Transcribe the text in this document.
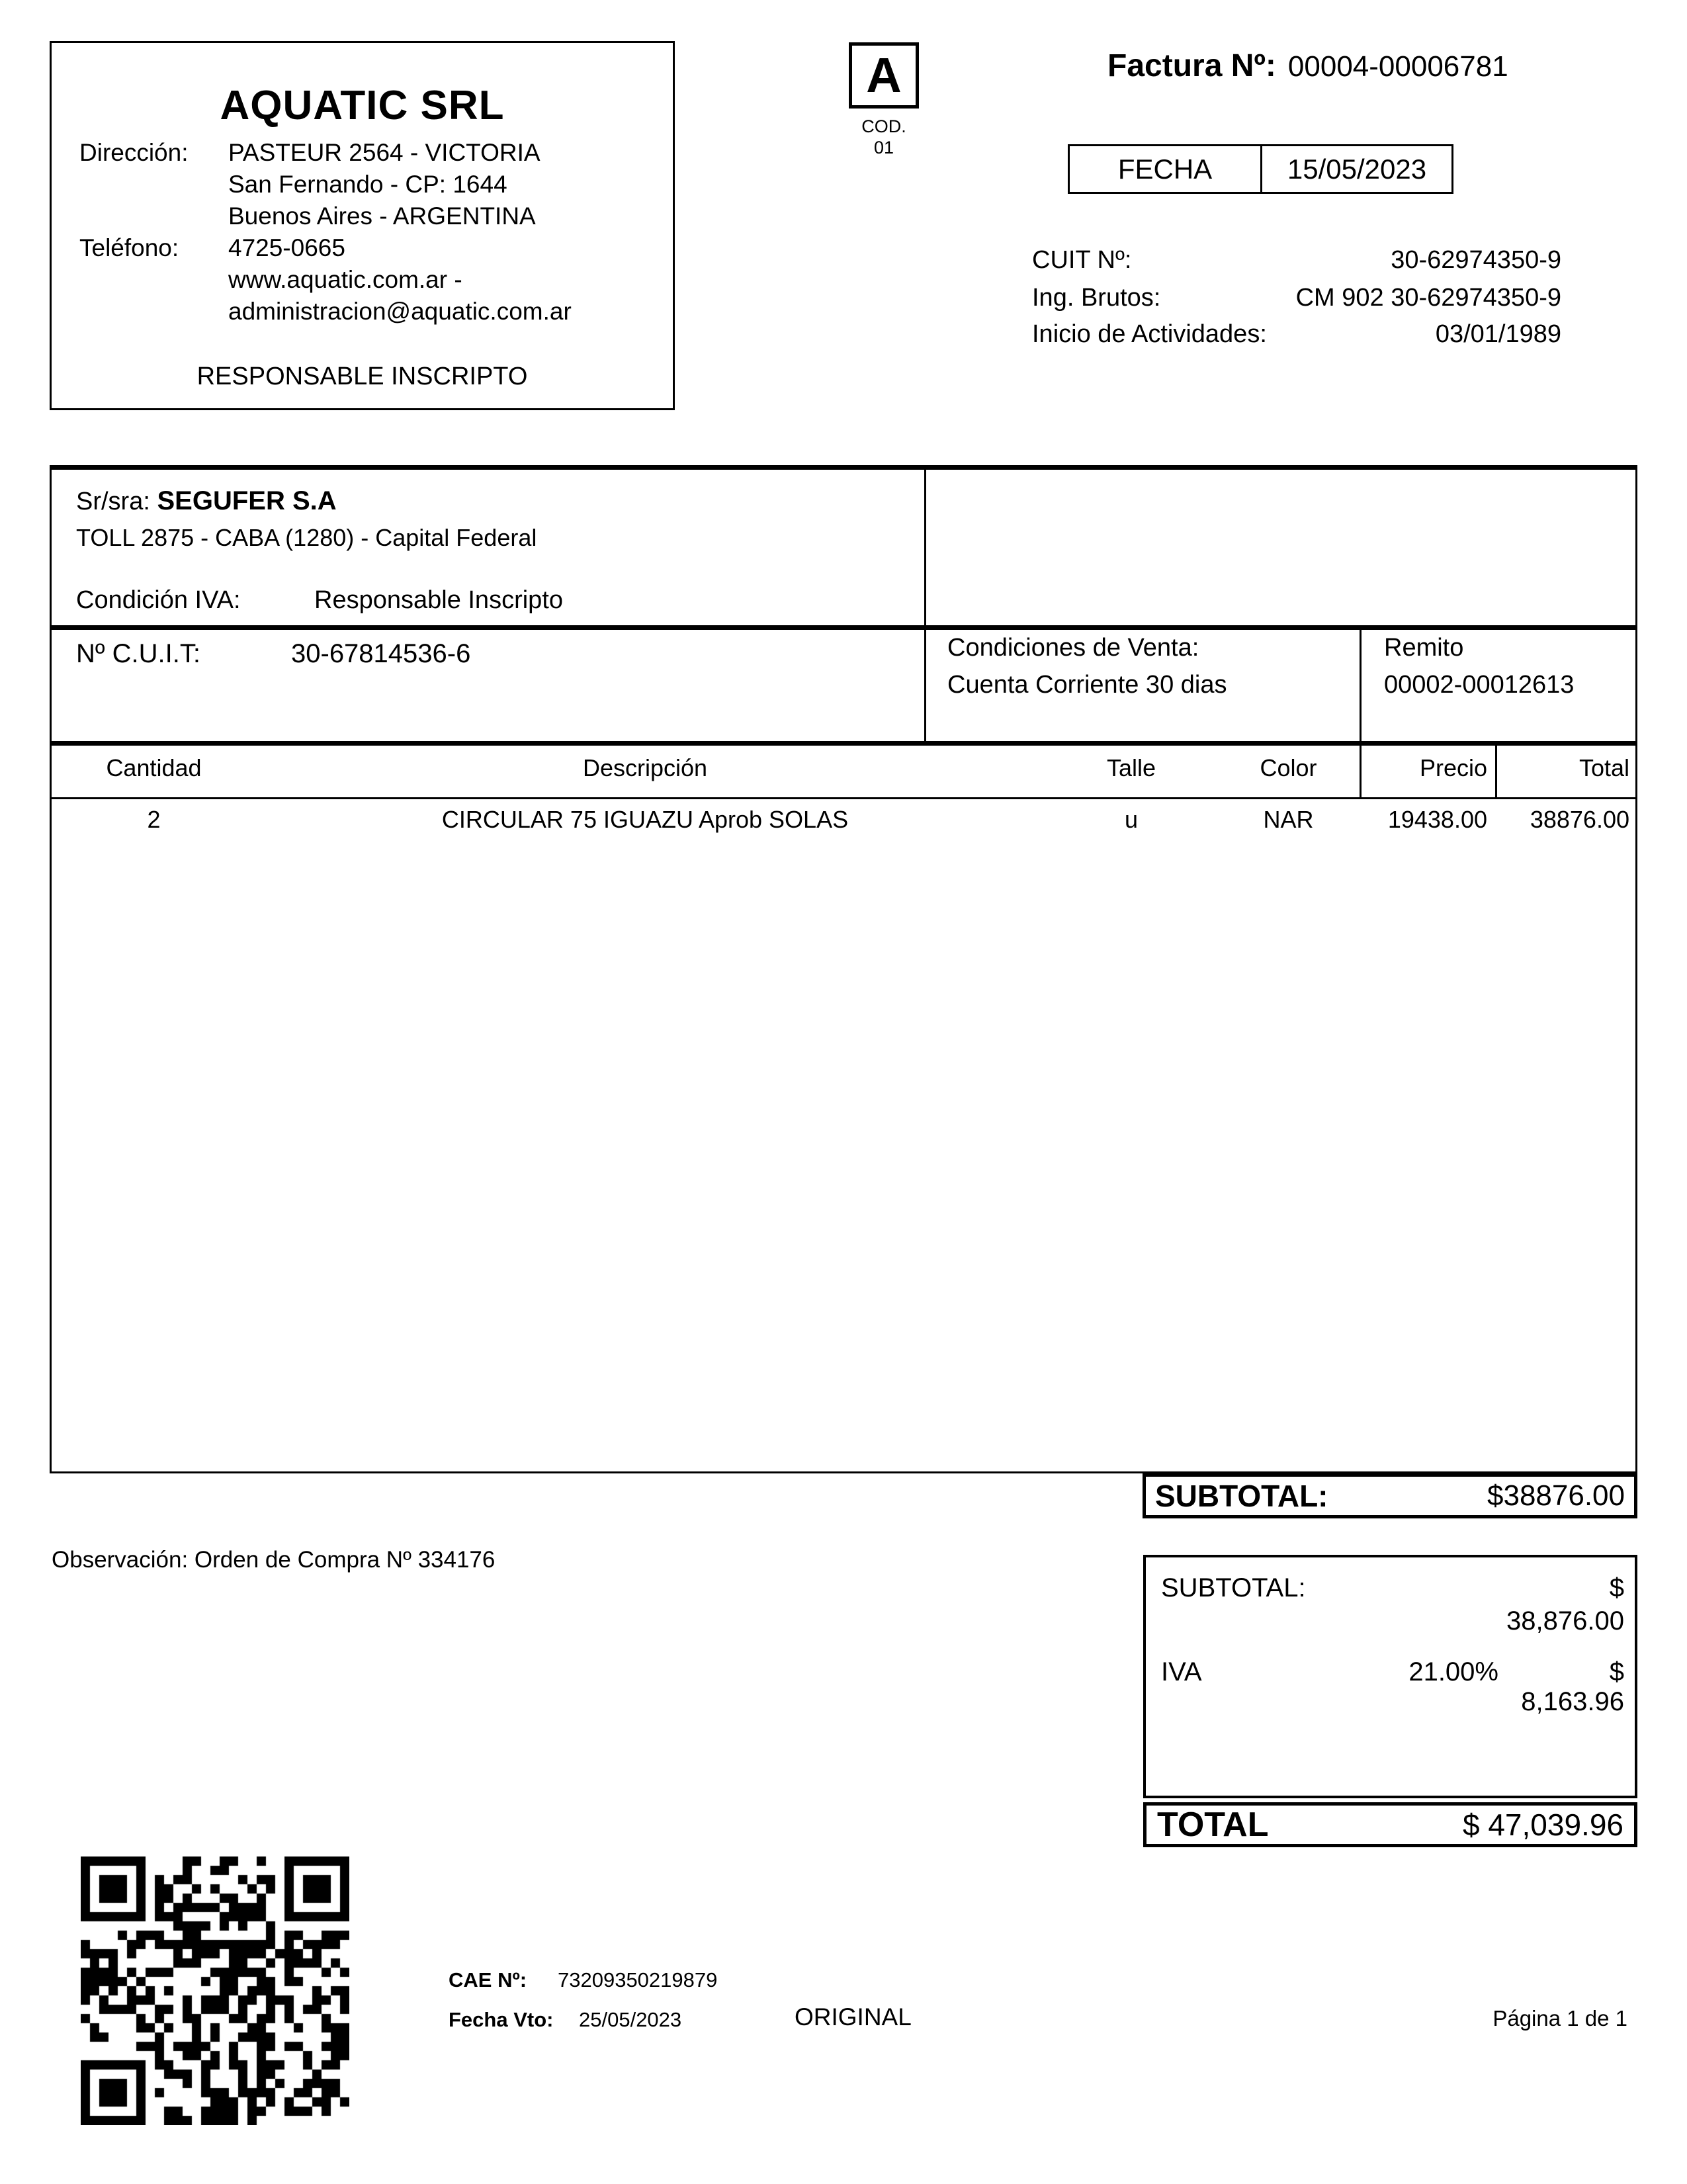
AQUATIC SRL
Dirección: PASTEUR 2564 - VICTORIA
San Fernando - CP: 1644
Buenos Aires - ARGENTINA
Teléfono: 4725-0665
www.aquatic.com.ar -
administracion@aquatic.com.ar
RESPONSABLE INSCRIPTO
A
COD.
01
Factura Nº: 00004-00006781
FECHA	15/05/2023
CUIT Nº:	30-62974350-9
Ing. Brutos:	CM 902 30-62974350-9
Inicio de Actividades:	03/01/1989
Sr/sra: SEGUFER S.A
TOLL 2875 - CABA (1280) - Capital Federal
Condición IVA:	Responsable Inscripto
Nº C.U.I.T:	30-67814536-6	Condiciones de Venta:
Cuenta Corriente 30 dias
Remito
00002-00012613
Cantidad	Descripción	Talle	Color	Precio	Total
2	CIRCULAR 75 IGUAZU Aprob SOLAS	u	NAR	19438.00	38876.00
SUBTOTAL:	$38876.00
Observación: Orden de Compra Nº 334176
SUBTOTAL:	$
38,876.00
IVA	21.00%	$ 8,163.96
TOTAL	$ 47,039.96
CAE Nº: 73209350219879
Fecha Vto: 25/05/2023	ORIGINAL	Página 1 de 1
